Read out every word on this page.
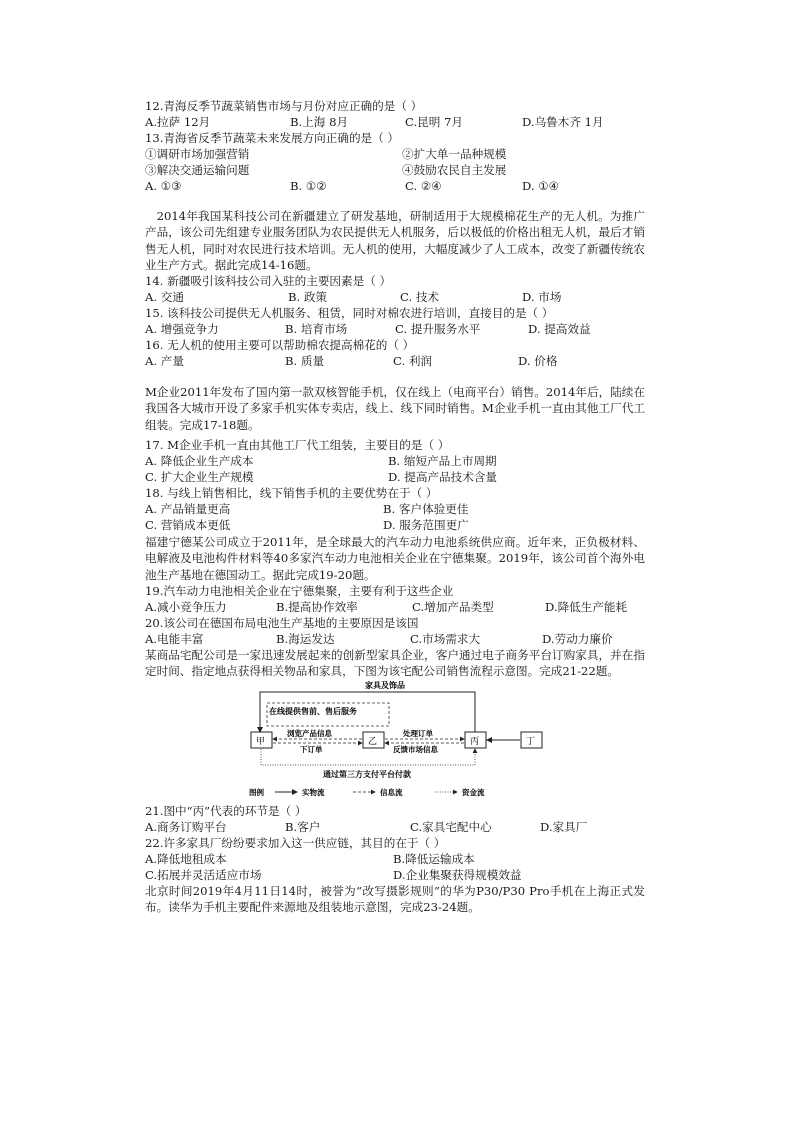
12.青海反季节蔬菜销售市场与月份对应正确的是（ ）
A.拉萨 12月	B.上海 8月	C.昆明 7月	D.乌鲁木齐 1月
13.青海省反季节蔬菜未来发展方向正确的是（ ）
①调研市场加强营销	②扩大单一品种规模
③解决交通运输问题	④鼓励农民自主发展
A. ①③	B. ①②	C. ②④	D. ①④
2014年我国某科技公司在新疆建立了研发基地，研制适用于大规模棉花生产的无人机。为推广产品，该公司先组建专业服务团队为农民提供无人机服务，后以极低的价格出租无人机，最后才销售无人机，同时对农民进行技术培训。无人机的使用，大幅度减少了人工成本，改变了新疆传统农业生产方式。据此完成14-16题。
14. 新疆吸引该科技公司入驻的主要因素是（ ）
A. 交通	B. 政策	C. 技术	D. 市场
15. 该科技公司提供无人机服务、租赁，同时对棉农进行培训，直接目的是（ ）
A. 增强竞争力	B. 培育市场	C. 提升服务水平	D. 提高效益
16. 无人机的使用主要可以帮助棉农提高棉花的（ ）
A. 产量	B. 质量	C. 利润	D. 价格
M企业2011年发布了国内第一款双核智能手机，仅在线上（电商平台）销售。2014年后，陆续在我国各大城市开设了多家手机实体专卖店，线上、线下同时销售。M企业手机一直由其他工厂代工组装。完成17-18题。
17. M企业手机一直由其他工厂代工组装，主要目的是（ ）
A. 降低企业生产成本	B. 缩短产品上市周期
C. 扩大企业生产规模	D. 提高产品技术含量
18. 与线上销售相比，线下销售手机的主要优势在于（ ）
A. 产品销量更高	B. 客户体验更佳
C. 营销成本更低	D. 服务范围更广
福建宁德某公司成立于2011年，是全球最大的汽车动力电池系统供应商。近年来，正负极材料、电解液及电池构件材料等40多家汽车动力电池相关企业在宁德集聚。2019年，该公司首个海外电池生产基地在德国动工。据此完成19-20题。
19.汽车动力电池相关企业在宁德集聚，主要有利于这些企业
A.减小竞争压力	B.提高协作效率	C.增加产品类型	D.降低生产能耗
20.该公司在德国布局电池生产基地的主要原因是该国
A.电能丰富	B.海运发达	C.市场需求大	D.劳动力廉价
某商品宅配公司是一家迅速发展起来的创新型家具企业，客户通过电子商务平台订购家具，并在指定时间、指定地点获得相关物品和家具，下图为该宅配公司销售流程示意图。完成21-22题。
家具及饰品
在线提供售前、售后服务
甲	乙	丙	丁
浏览产品信息
下订单
处理订单
反馈市场信息
通过第三方支付平台付款
图例	实物流	信息流	资金流
21.图中“丙”代表的环节是（ ）
A.商务订购平台	B.客户	C.家具宅配中心	D.家具厂
22.许多家具厂纷纷要求加入这一供应链，其目的在于（ ）
A.降低地租成本	B.降低运输成本
C.拓展并灵活适应市场	D.企业集聚获得规模效益
北京时间2019年4月11日14时，被誉为“改写摄影规则”的华为P30/P30 Pro手机在上海正式发布。读华为手机主要配件来源地及组装地示意图，完成23-24题。
